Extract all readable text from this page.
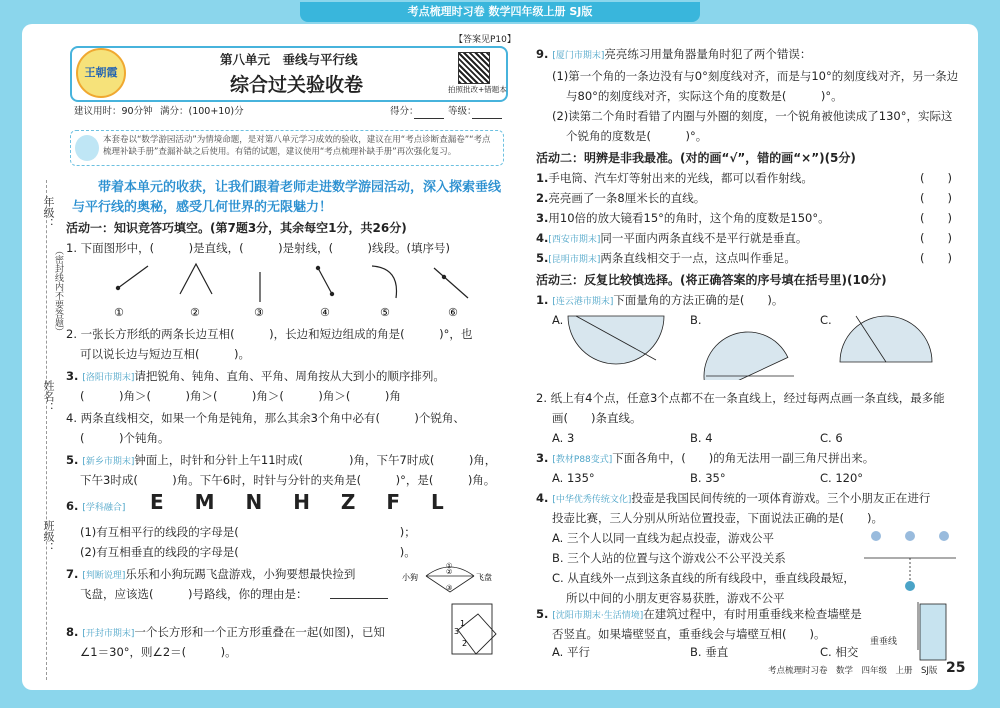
考点梳理时习卷 数学四年级上册 SJ版
年级：
（密封线内不要答题）
姓名：
班级：
王朝霞
第八单元　垂线与平行线
综合过关验收卷
【答案见P10】
拍照批改+错题本
建议用时：90分钟 满分：(100+10)分	得分：	等级：
本套卷以“数学游园活动”为情境命题，是对第八单元学习成效的验收，建议在用“考点诊断查漏卷”“考点梳理补缺手册”查漏补缺之后使用。有错的试题，建议使用“考点梳理补缺手册”再次强化复习。
带着本单元的收获，让我们跟着老师走进数学游园活动，深入探索垂线与平行线的奥秘，感受几何世界的无限魅力！
活动一：知识竞答巧填空。(第7题3分，其余每空1分，共26分)
1. 下面图形中，(　　　)是直线，(　　　)是射线，(　　　)线段。(填序号)
①	②	③	④	⑤	⑥
2. 一张长方形纸的两条长边互相(　　　)，长边和短边组成的角是(　　　)°，也
可以说长边与短边互相(　　　)。
3. [洛阳市期末]请把锐角、钝角、直角、平角、周角按从大到小的顺序排列。
(　　　)角＞(　　　)角＞(　　　)角＞(　　　)角＞(　　　)角
4. 两条直线相交，如果一个角是钝角，那么其余3个角中必有(　　　)个锐角、
(　　　)个钝角。
5. [新乡市期末]钟面上，时针和分针上午11时成(　　　　)角，下午7时成(　　　)角，
下午3时成(　　　)角。下午6时，时针与分针的夹角是(　　　)°，是(　　　)角。
6. [学科融合] E M N H Z F L
(1)有互相平行的线段的字母是(　　　　　　　　　　　　　　)；
(2)有互相垂直的线段的字母是(　　　　　　　　　　　　　　)。
7. [判断说理]乐乐和小狗玩踢飞盘游戏，小狗要想最快捡到
飞盘，应该选(　　　)号路线，你的理由是：
小狗	飞盘
①
②
③
8. [开封市期末]一个长方形和一个正方形重叠在一起(如图)，已知
∠1＝30°，则∠2＝(　　　)。
1
3
2
9. [厦门市期末]亮亮练习用量角器量角时犯了两个错误：
(1)第一个角的一条边没有与0°刻度线对齐，而是与10°的刻度线对齐，另一条边
与80°的刻度线对齐，实际这个角的度数是(　　　)°。
(2)读第二个角时看错了内圈与外圈的刻度，一个锐角被他读成了130°，实际这
个锐角的度数是(　　　)°。
活动二：明辨是非我最准。(对的画“√”，错的画“×”)(5分)
1.手电筒、汽车灯等射出来的光线，都可以看作射线。	(　　)
2.亮亮画了一条8厘米长的直线。	(　　)
3.用10倍的放大镜看15°的角时，这个角的度数是150°。	(　　)
4.[西安市期末]同一平面内两条直线不是平行就是垂直。	(　　)
5.[昆明市期末]两条直线相交于一点，这点叫作垂足。	(　　)
活动三：反复比较慎选择。(将正确答案的序号填在括号里)(10分)
1. [连云港市期末]下面量角的方法正确的是(　　)。
A.	B.	C.
2. 纸上有4个点，任意3个点都不在一条直线上，经过每两点画一条直线，最多能
画(　　)条直线。
A. 3	B. 4	C. 6
3. [教材P88变式]下面各角中，(　　)的角无法用一副三角尺拼出来。
A. 135°	B. 35°	C. 120°
4. [中华优秀传统文化]投壶是我国民间传统的一项体育游戏。三个小朋友正在进行
投壶比赛，三人分别从所站位置投壶，下面说法正确的是(　　)。
A. 三个人以同一直线为起点投壶，游戏公平
B. 三个人站的位置与这个游戏公不公平没关系
C. 从直线外一点到这条直线的所有线段中，垂直线段最短，
所以中间的小朋友更容易获胜，游戏不公平
5. [沈阳市期末·生活情境]在建筑过程中，有时用重垂线来检查墙壁是
否竖直。如果墙壁竖直，重垂线会与墙壁互相(　　)。
A. 平行	B. 垂直	C. 相交
重垂线
考点梳理时习卷　数学　四年级　上册　SJ版 25
